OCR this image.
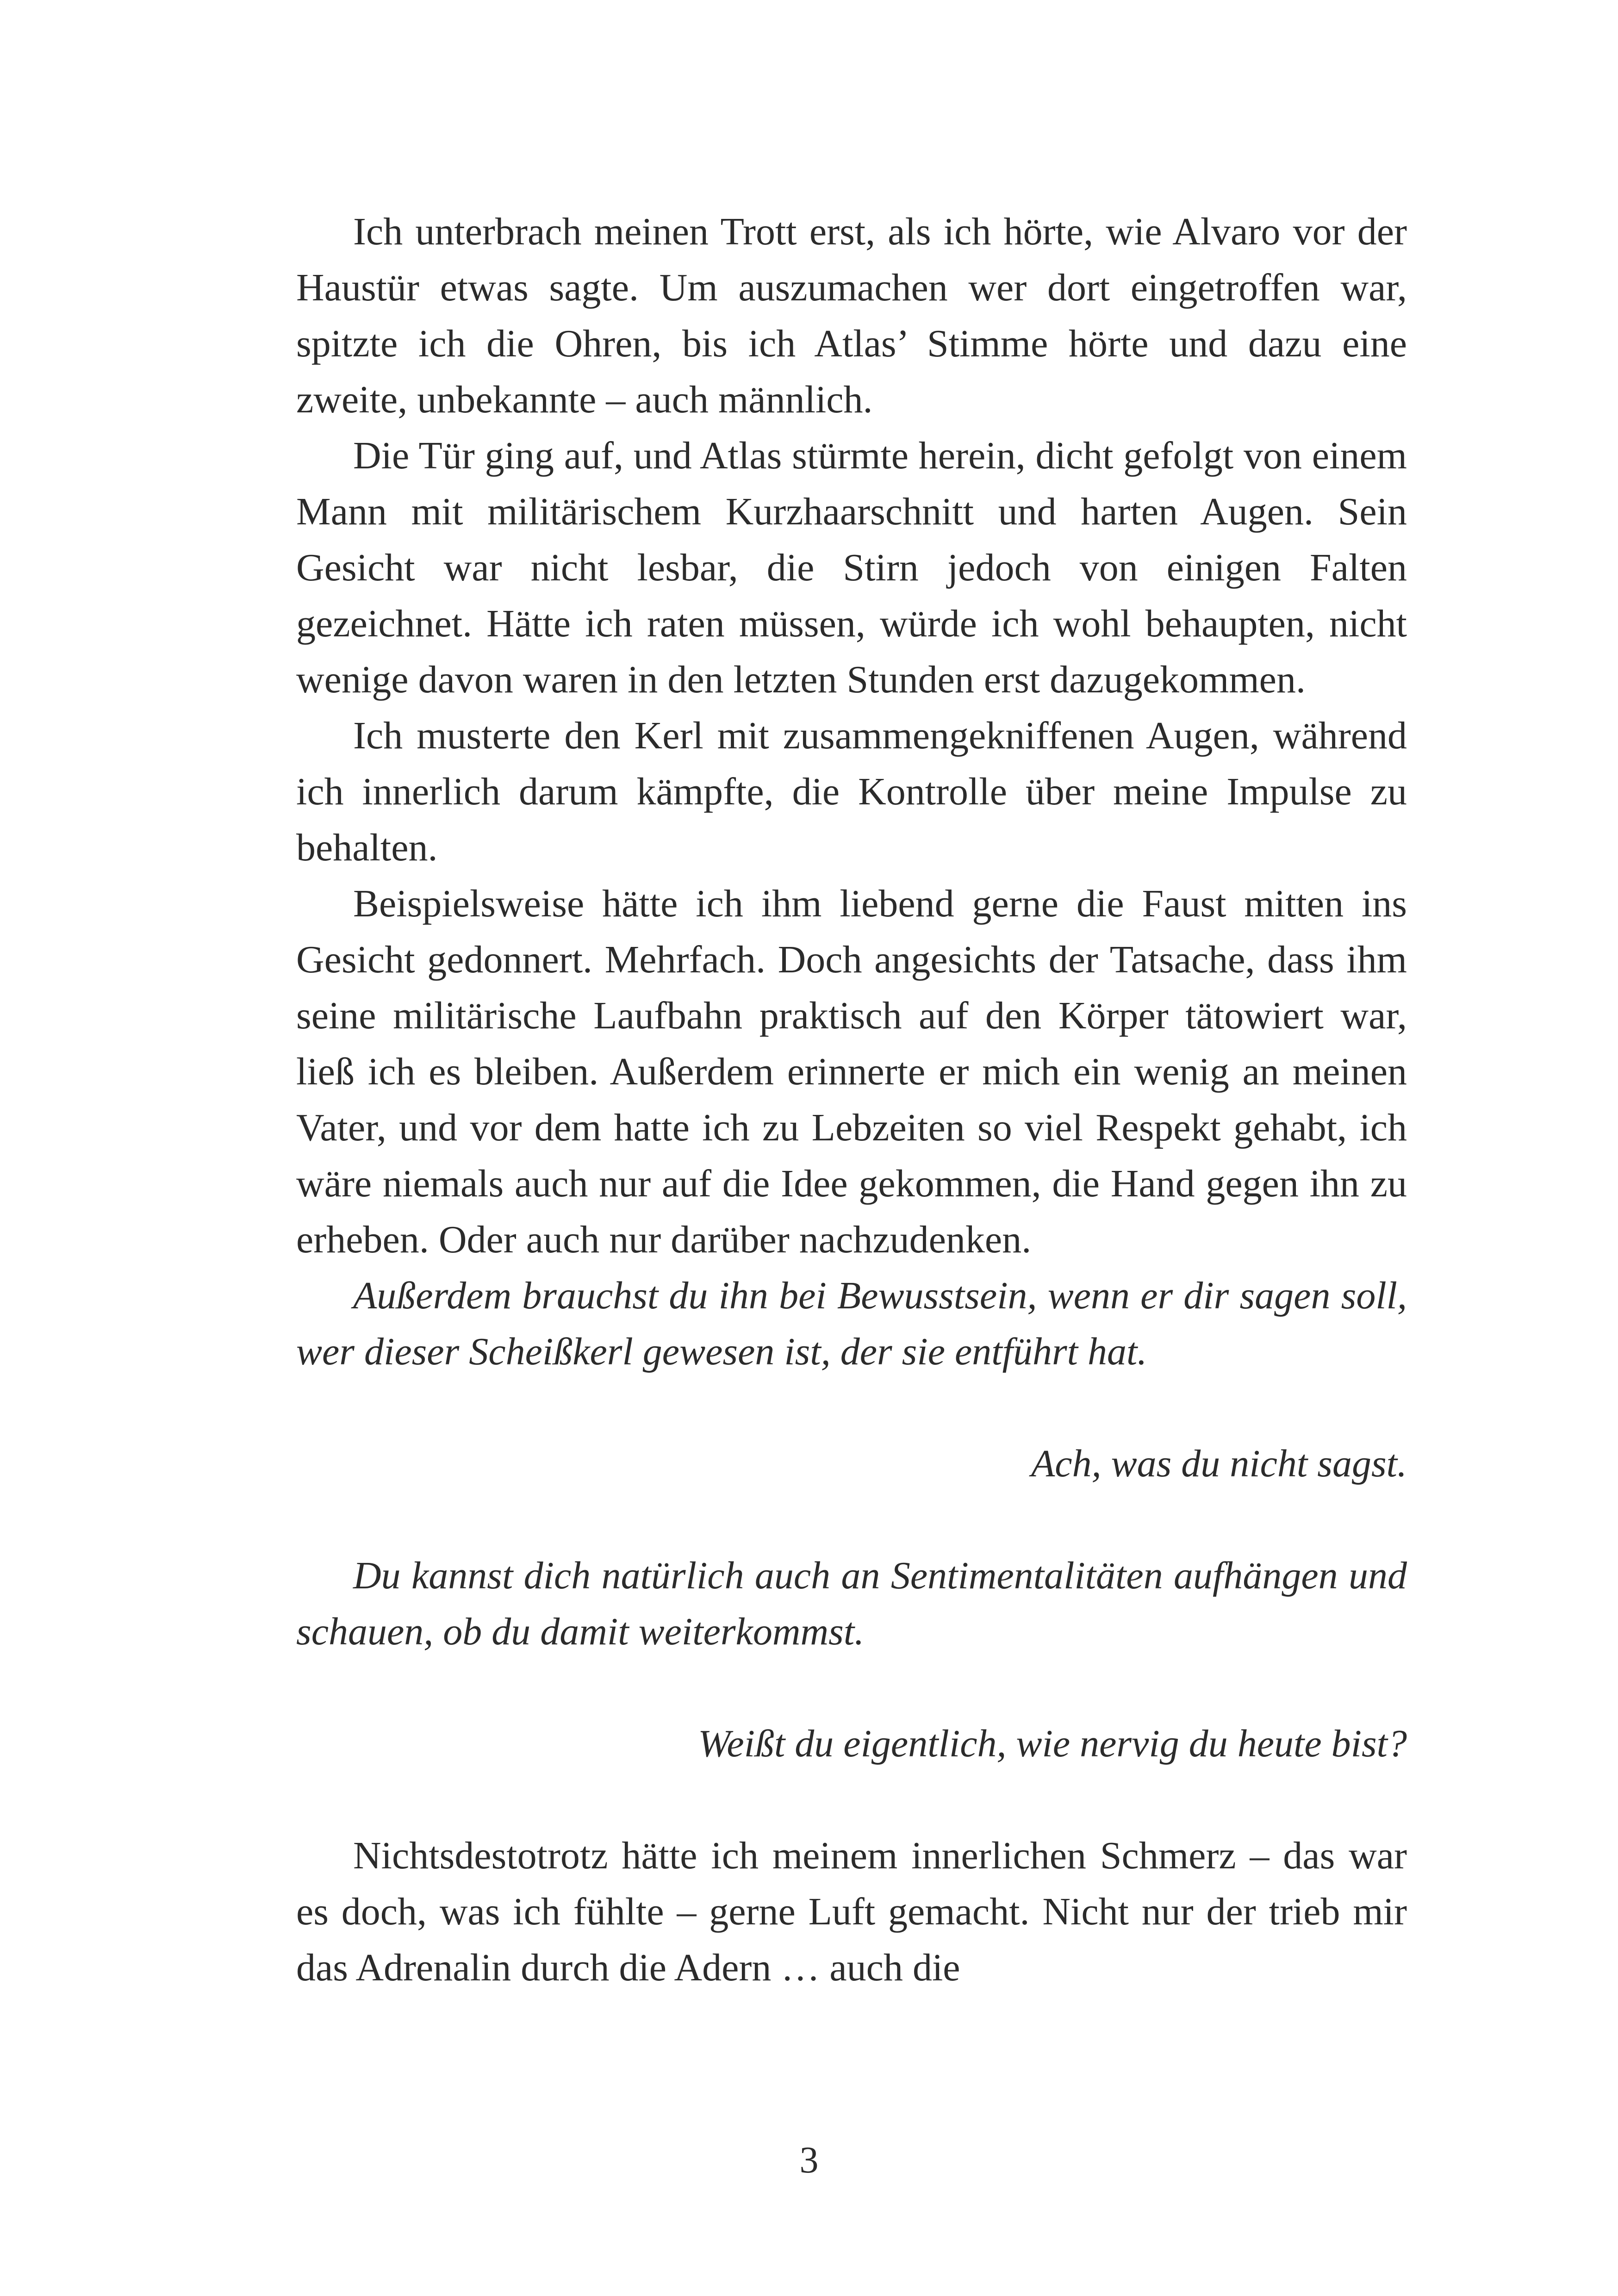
Ich unterbrach meinen Trott erst, als ich hörte, wie Alvaro vor der Haustür etwas sagte. Um auszumachen wer dort eingetroffen war, spitzte ich die Ohren, bis ich Atlas’ Stimme hörte und dazu eine zweite, unbekannte – auch männlich.

Die Tür ging auf, und Atlas stürmte herein, dicht gefolgt von einem Mann mit militärischem Kurzhaarschnitt und harten Augen. Sein Gesicht war nicht lesbar, die Stirn jedoch von einigen Falten gezeichnet. Hätte ich raten müssen, würde ich wohl behaupten, nicht wenige davon waren in den letzten Stunden erst dazugekommen.

Ich musterte den Kerl mit zusammengekniffenen Augen, während ich innerlich darum kämpfte, die Kontrolle über meine Impulse zu behalten.

Beispielsweise hätte ich ihm liebend gerne die Faust mitten ins Gesicht gedonnert. Mehrfach. Doch angesichts der Tatsache, dass ihm seine militärische Laufbahn praktisch auf den Körper tätowiert war, ließ ich es bleiben. Außerdem erinnerte er mich ein wenig an meinen Vater, und vor dem hatte ich zu Lebzeiten so viel Respekt gehabt, ich wäre niemals auch nur auf die Idee gekommen, die Hand gegen ihn zu erheben. Oder auch nur darüber nachzudenken.

Außerdem brauchst du ihn bei Bewusstsein, wenn er dir sagen soll, wer dieser Scheißkerl gewesen ist, der sie entführt hat.

Ach, was du nicht sagst.

Du kannst dich natürlich auch an Sentimentalitäten aufhängen und schauen, ob du damit weiterkommst.

Weißt du eigentlich, wie nervig du heute bist?

Nichtsdestotrotz hätte ich meinem innerlichen Schmerz – das war es doch, was ich fühlte – gerne Luft gemacht. Nicht nur der trieb mir das Adrenalin durch die Adern … auch die

3
